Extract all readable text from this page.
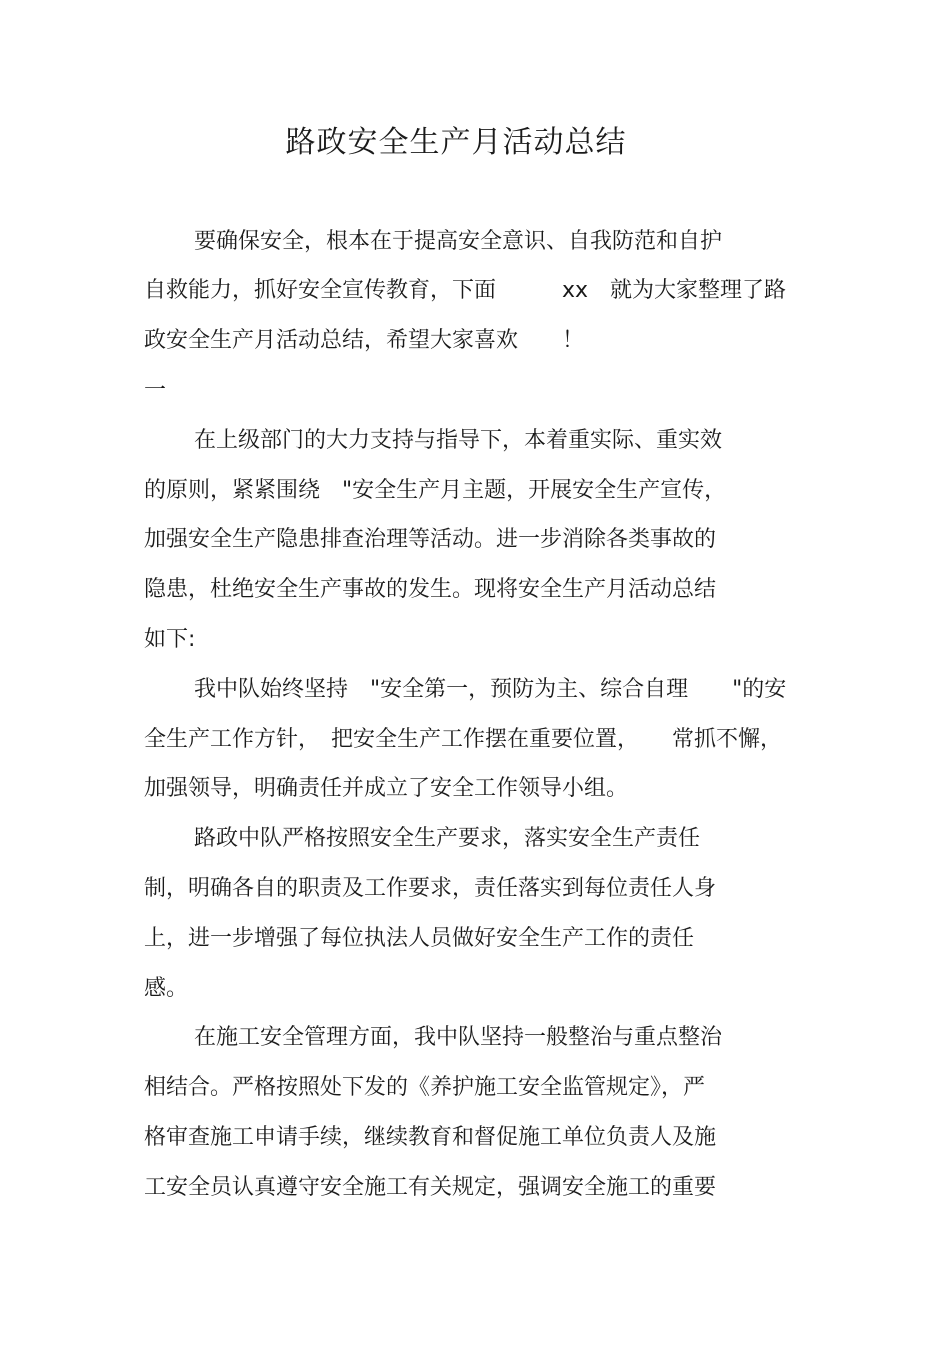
路政安全生产月活动总结

要确保安全，根本在于提高安全意识、自我防范和自护

自救能力，抓好安全宣传教育，下面　　　xx　就为大家整理了路

政安全生产月活动总结，希望大家喜欢　　！

一

在上级部门的大力支持与指导下，本着重实际、重实效

的原则，紧紧围绕　"安全生产月主题，开展安全生产宣传，

加强安全生产隐患排查治理等活动。进一步消除各类事故的

隐患，杜绝安全生产事故的发生。现将安全生产月活动总结

如下:

我中队始终坚持　"安全第一，预防为主、综合自理　　"的安

全生产工作方针，　把安全生产工作摆在重要位置，　　常抓不懈，

加强领导，明确责任并成立了安全工作领导小组。

路政中队严格按照安全生产要求，落实安全生产责任

制，明确各自的职责及工作要求，责任落实到每位责任人身

上，进一步增强了每位执法人员做好安全生产工作的责任

感。

在施工安全管理方面，我中队坚持一般整治与重点整治

相结合。严格按照处下发的《养护施工安全监管规定》，严

格审查施工申请手续，继续教育和督促施工单位负责人及施

工安全员认真遵守安全施工有关规定，强调安全施工的重要
